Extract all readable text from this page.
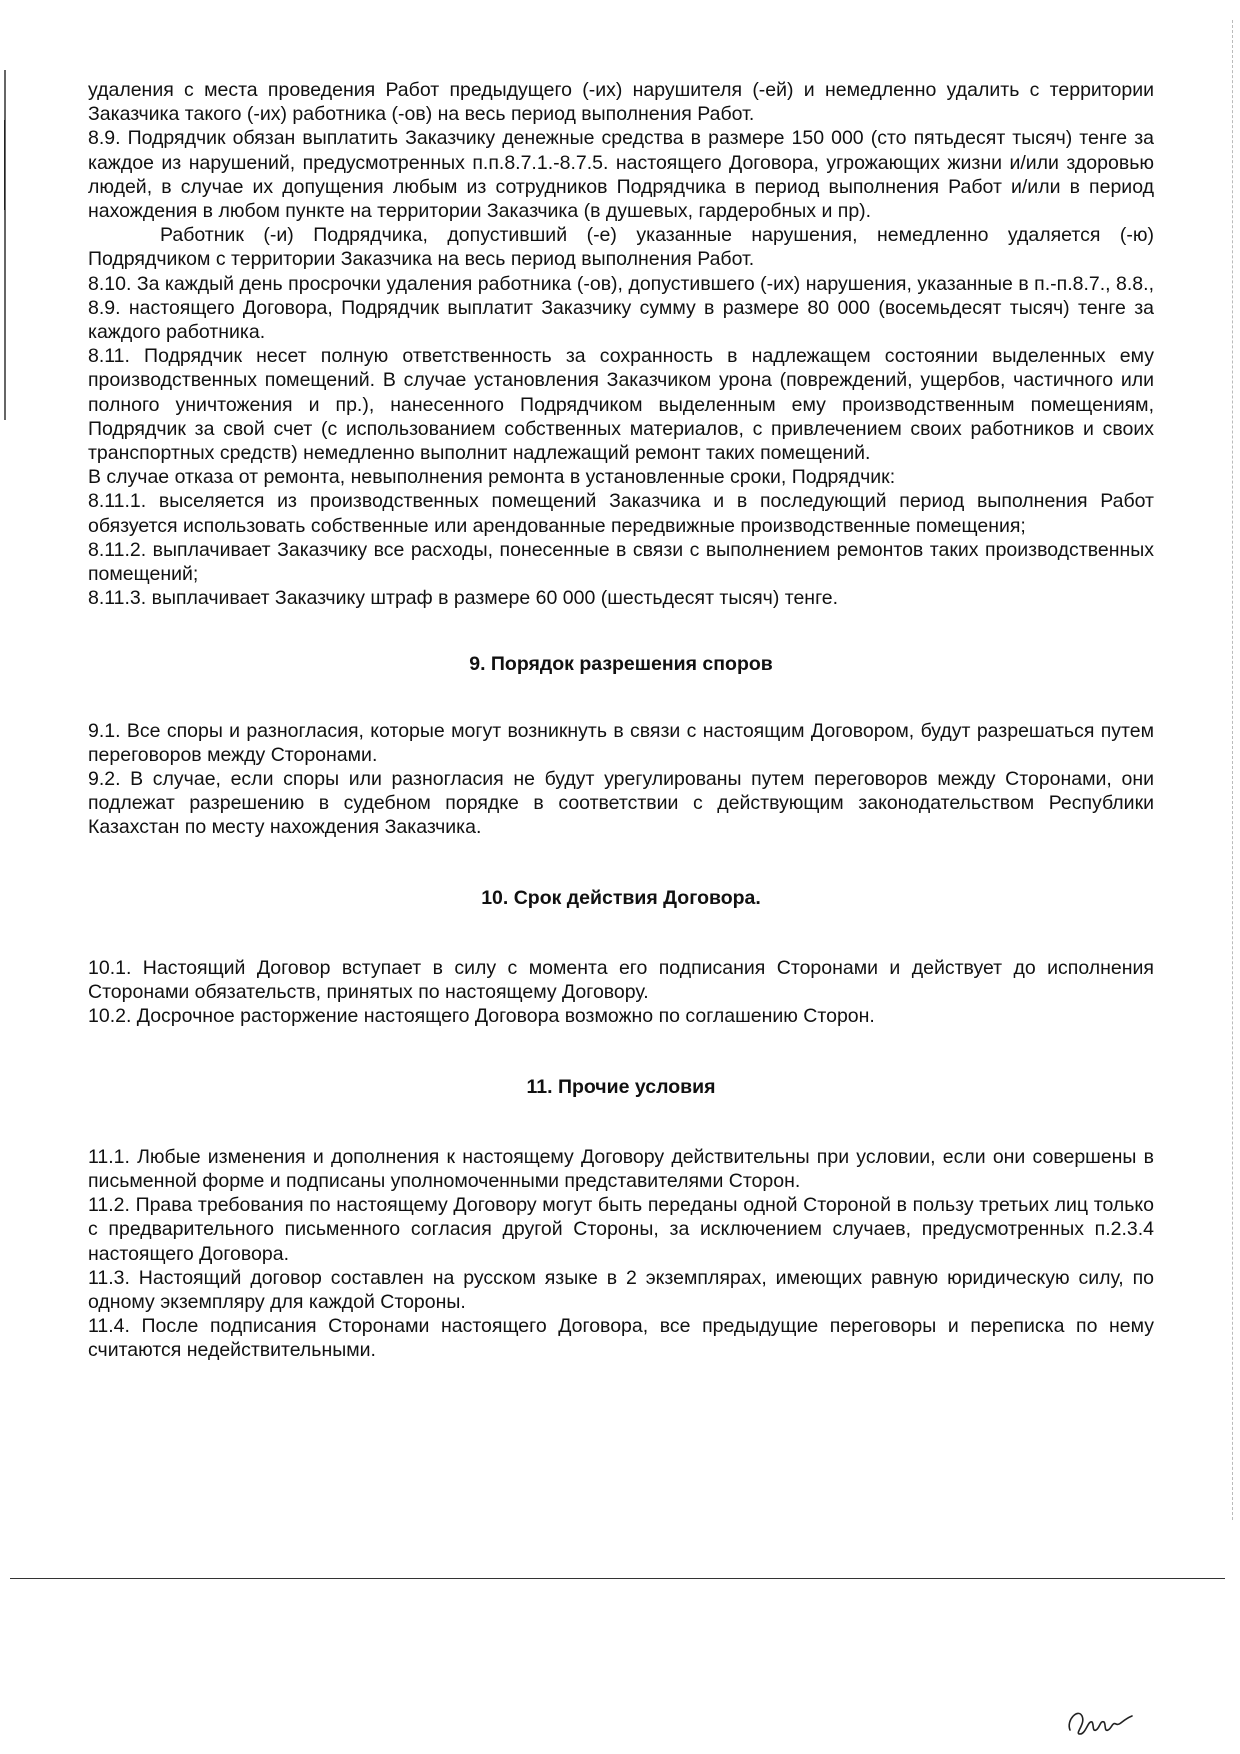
удаления с места проведения Работ предыдущего (-их) нарушителя (-ей) и немедленно удалить с территории Заказчика такого (-их) работника (-ов) на весь период выполнения Работ.

8.9. Подрядчик обязан выплатить Заказчику денежные средства в размере 150 000 (сто пятьдесят тысяч) тенге за каждое из нарушений, предусмотренных п.п.8.7.1.-8.7.5. настоящего Договора, угрожающих жизни и/или здоровью людей, в случае их допущения любым из сотрудников Подрядчика в период выполнения Работ и/или в период нахождения в любом пункте на территории Заказчика (в душевых, гардеробных и пр).

Работник (-и) Подрядчика, допустивший (-е) указанные нарушения, немедленно удаляется (-ю) Подрядчиком с территории Заказчика на весь период выполнения Работ.

8.10. За каждый день просрочки удаления работника (-ов), допустившего (-их) нарушения, указанные в п.-п.8.7., 8.8., 8.9. настоящего Договора, Подрядчик выплатит Заказчику сумму в размере 80 000 (восемьдесят тысяч) тенге за каждого работника.

8.11. Подрядчик несет полную ответственность за сохранность в надлежащем состоянии выделенных ему производственных помещений. В случае установления Заказчиком урона (повреждений, ущербов, частичного или полного уничтожения и пр.), нанесенного Подрядчиком выделенным ему производственным помещениям, Подрядчик за свой счет (с использованием собственных материалов, с привлечением своих работников и своих транспортных средств) немедленно выполнит надлежащий ремонт таких помещений.

В случае отказа от ремонта, невыполнения ремонта в установленные сроки, Подрядчик:

8.11.1. выселяется из производственных помещений Заказчика и в последующий период выполнения Работ обязуется использовать собственные или арендованные передвижные производственные помещения;

8.11.2. выплачивает Заказчику все расходы, понесенные в связи с выполнением ремонтов таких производственных помещений;

8.11.3. выплачивает Заказчику штраф в размере 60 000 (шестьдесят тысяч) тенге.

9. Порядок разрешения споров

9.1. Все споры и разногласия, которые могут возникнуть в связи с настоящим Договором, будут разрешаться путем переговоров между Сторонами.

9.2. В случае, если споры или разногласия не будут урегулированы путем переговоров между Сторонами, они подлежат разрешению в судебном порядке в соответствии с действующим законодательством Республики Казахстан по месту нахождения Заказчика.

10. Срок действия Договора.

10.1. Настоящий Договор вступает в силу с момента его подписания Сторонами и действует до исполнения Сторонами обязательств, принятых по настоящему Договору.

10.2. Досрочное расторжение настоящего Договора возможно по соглашению Сторон.

11. Прочие условия

11.1. Любые изменения и дополнения к настоящему Договору действительны при условии, если они совершены в письменной форме и подписаны уполномоченными представителями Сторон.

11.2. Права требования по настоящему Договору могут быть переданы одной Стороной в пользу третьих лиц только с предварительного письменного согласия другой Стороны, за исключением случаев, предусмотренных п.2.3.4 настоящего Договора.

11.3. Настоящий договор составлен на русском языке в 2 экземплярах, имеющих равную юридическую силу, по одному экземпляру для каждой Стороны.

11.4. После подписания Сторонами настоящего Договора, все предыдущие переговоры и переписка по нему считаются недействительными.
